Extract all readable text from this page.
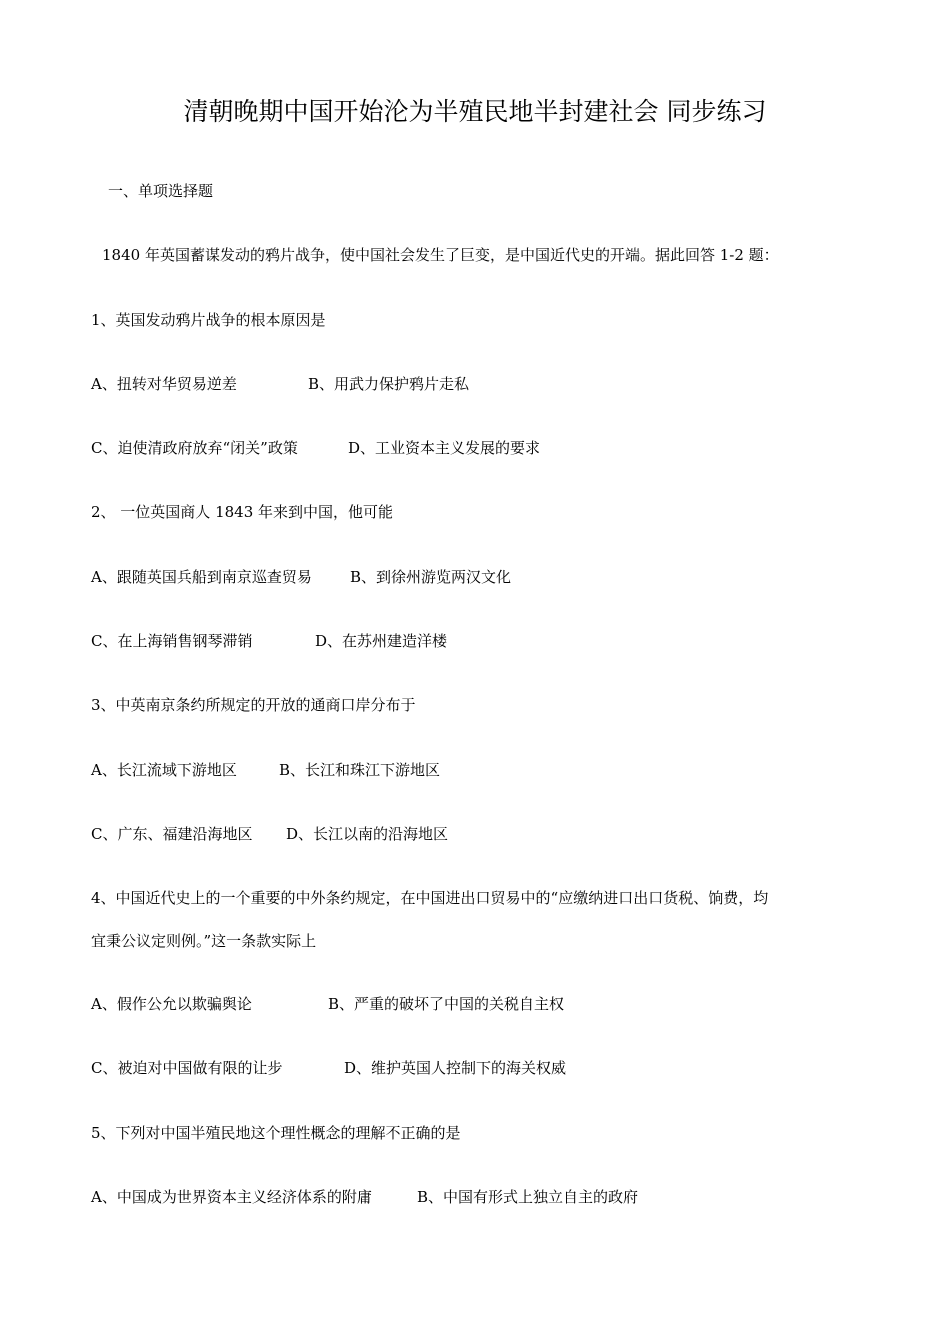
清朝晚期中国开始沦为半殖民地半封建社会 同步练习
一、单项选择题
1840 年英国蓄谋发动的鸦片战争，使中国社会发生了巨变，是中国近代史的开端。据此回答 1-2 题：
1、英国发动鸦片战争的根本原因是
A、扭转对华贸易逆差	B、用武力保护鸦片走私
C、迫使清政府放弃“闭关”政策	D、工业资本主义发展的要求
2、 一位英国商人 1843 年来到中国，他可能
A、跟随英国兵船到南京巡查贸易	B、到徐州游览两汉文化
C、在上海销售钢琴滞销	D、在苏州建造洋楼
3、中英南京条约所规定的开放的通商口岸分布于
A、长江流域下游地区	B、长江和珠江下游地区
C、广东、福建沿海地区 D、长江以南的沿海地区
4、中国近代史上的一个重要的中外条约规定，在中国进出口贸易中的“应缴纳进口出口货税、饷费，均
宜秉公议定则例。”这一条款实际上
A、假作公允以欺骗舆论	B、严重的破坏了中国的关税自主权
C、被迫对中国做有限的让步	D、维护英国人控制下的海关权威
5、下列对中国半殖民地这个理性概念的理解不正确的是
A、中国成为世界资本主义经济体系的附庸	B、中国有形式上独立自主的政府
